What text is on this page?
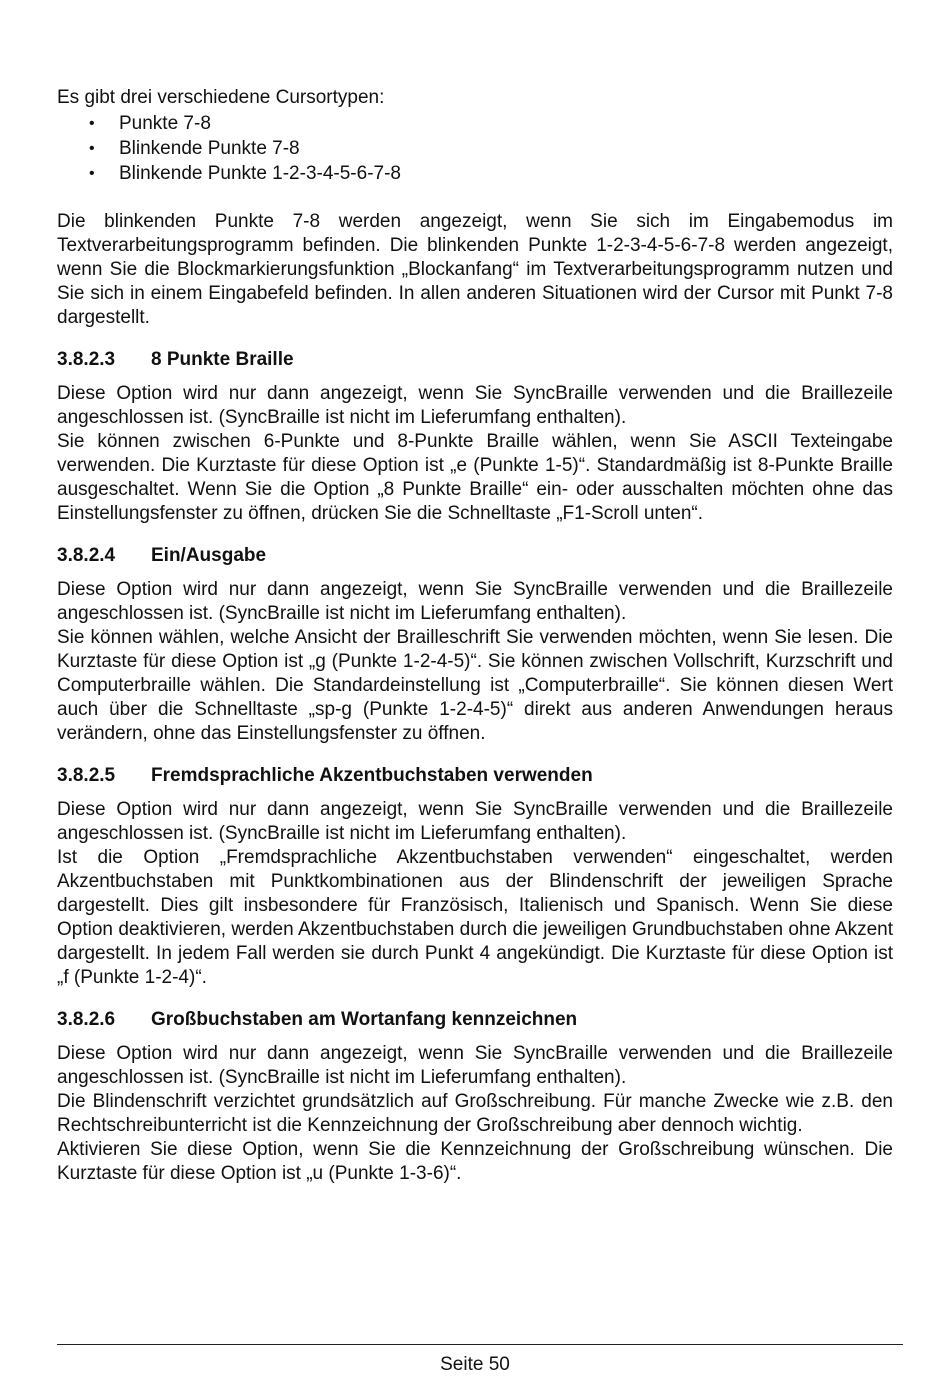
Es gibt drei verschiedene Cursortypen:

• Punkte 7-8
• Blinkende Punkte 7-8
• Blinkende Punkte 1-2-3-4-5-6-7-8

Die blinkenden Punkte 7-8 werden angezeigt, wenn Sie sich im Eingabemodus im Textverarbeitungsprogramm befinden. Die blinkenden Punkte 1-2-3-4-5-6-7-8 werden angezeigt, wenn Sie die Blockmarkierungsfunktion „Blockanfang“ im Textverarbeitungsprogramm nutzen und Sie sich in einem Eingabefeld befinden. In allen anderen Situationen wird der Cursor mit Punkt 7-8 dargestellt.

3.8.2.3	8 Punkte Braille

Diese Option wird nur dann angezeigt, wenn Sie SyncBraille verwenden und die Braillezeile angeschlossen ist. (SyncBraille ist nicht im Lieferumfang enthalten).

Sie können zwischen 6-Punkte und 8-Punkte Braille wählen, wenn Sie ASCII Texteingabe verwenden. Die Kurztaste für diese Option ist „e (Punkte 1-5)“. Standardmäßig ist 8-Punkte Braille ausgeschaltet. Wenn Sie die Option „8 Punkte Braille“ ein- oder ausschalten möchten ohne das Einstellungsfenster zu öffnen, drücken Sie die Schnelltaste „F1-Scroll unten“.

3.8.2.4	Ein/Ausgabe

Diese Option wird nur dann angezeigt, wenn Sie SyncBraille verwenden und die Braillezeile angeschlossen ist. (SyncBraille ist nicht im Lieferumfang enthalten).

Sie können wählen, welche Ansicht der Brailleschrift Sie verwenden möchten, wenn Sie lesen. Die Kurztaste für diese Option ist „g (Punkte 1-2-4-5)“. Sie können zwischen Vollschrift, Kurzschrift und Computerbraille wählen. Die Standardeinstellung ist „Computerbraille“. Sie können diesen Wert auch über die Schnelltaste „sp-g (Punkte 1-2-4-5)“ direkt aus anderen Anwendungen heraus verändern, ohne das Einstellungsfenster zu öffnen.

3.8.2.5	Fremdsprachliche Akzentbuchstaben verwenden

Diese Option wird nur dann angezeigt, wenn Sie SyncBraille verwenden und die Braillezeile angeschlossen ist. (SyncBraille ist nicht im Lieferumfang enthalten).

Ist die Option „Fremdsprachliche Akzentbuchstaben verwenden“ eingeschaltet, werden Akzentbuchstaben mit Punktkombinationen aus der Blindenschrift der jeweiligen Sprache dargestellt. Dies gilt insbesondere für Französisch, Italienisch und Spanisch. Wenn Sie diese Option deaktivieren, werden Akzentbuchstaben durch die jeweiligen Grundbuchstaben ohne Akzent dargestellt. In jedem Fall werden sie durch Punkt 4 angekündigt. Die Kurztaste für diese Option ist „f (Punkte 1-2-4)“.

3.8.2.6	Großbuchstaben am Wortanfang kennzeichnen

Diese Option wird nur dann angezeigt, wenn Sie SyncBraille verwenden und die Braillezeile angeschlossen ist. (SyncBraille ist nicht im Lieferumfang enthalten).

Die Blindenschrift verzichtet grundsätzlich auf Großschreibung. Für manche Zwecke wie z.B. den Rechtschreibunterricht ist die Kennzeichnung der Großschreibung aber dennoch wichtig.

Aktivieren Sie diese Option, wenn Sie die Kennzeichnung der Großschreibung wünschen. Die Kurztaste für diese Option ist „u (Punkte 1-3-6)“.

Seite 50
